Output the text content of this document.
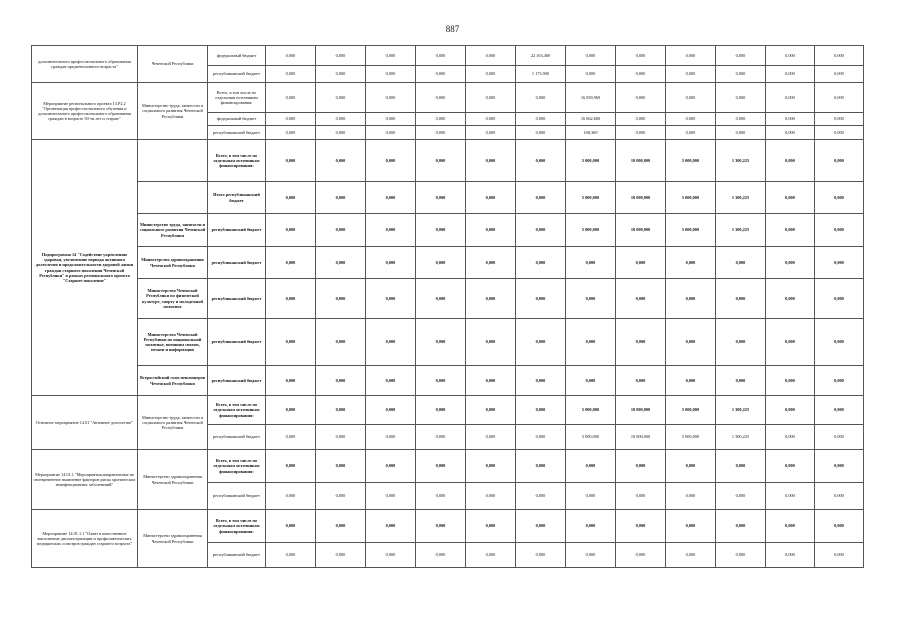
887
дополнительного профессионального образования граждан предпенсионного возраста"	Чеченской Республики	федеральный бюджет	0,000	0,000	0,000	0,000	0,000	22 163,400	0,000	0,000	0,000	0,000	0,000	0,000
		республиканский бюджет	0,000	0,000	0,000	0,000	0,000	1 173,900	0,000	0,000	0,000	0,000	0,000	0,000
Мероприятие регионального проекта 13.P2.2 "Организация профессионального обучения и дополнительного профессионального образования граждан в возрасте 50-ти лет и старше"	Министерство труда, занятости и социального развития Чеченской Республики	Всего, в том числе по отдельным источникам финансирования:	0,000	0,000	0,000	0,000	0,000	0,000	16 839,969	0,000	0,000	0,000	0,000	0,000
		федеральный бюджет	0,000	0,000	0,000	0,000	0,000	0,000	16 662,600	0,000	0,000	0,000	0,000	0,000
		республиканский бюджет	0,000	0,000	0,000	0,000	0,000	0,000	168,369	0,000	0,000	0,000	0,000	0,000
Подпрограмма 14 "Содействие укреплению здоровья, увеличению периода активного долголетия и продолжительности здоровой жизни граждан старшего поколения Чеченской Республики" в рамках регионального проекта "Старшее поколение"		Всего, в том числе по отдельным источникам финансирования:	0,000	0,000	0,000	0,000	0,000	0,000	5 000,000	10 000,000	5 000,000	1 300,225	0,000	0,000
		Итого республиканский бюджет	0,000	0,000	0,000	0,000	0,000	0,000	5 000,000	10 000,000	5 000,000	1 300,225	0,000	0,000
	Министерство труда, занятости и социального развития Чеченской Республики	республиканский бюджет	0,000	0,000	0,000	0,000	0,000	0,000	5 000,000	10 000,000	5 000,000	1 300,225	0,000	0,000
	Министерство здравоохранения Чеченской Республики	республиканский бюджет	0,000	0,000	0,000	0,000	0,000	0,000	0,000	0,000	0,000	0,000	0,000	0,000
	Министерство Чеченской Республики по физической культуре, спорту и молодежной политике	республиканский бюджет	0,000	0,000	0,000	0,000	0,000	0,000	0,000	0,000	0,000	0,000	0,000	0,000
	Министерство Чеченской Республики по национальной политике, внешним связям, печати и информации	республиканский бюджет	0,000	0,000	0,000	0,000	0,000	0,000	0,000	0,000	0,000	0,000	0,000	0,000
	Всероссийский союз пенсионеров Чеченской Республики	республиканский бюджет	0,000	0,000	0,000	0,000	0,000	0,000	0,000	0,000	0,000	0,000	0,000	0,000
Основное мероприятие 14.01 "Активное долголетие"	Министерство труда, занятости и социального развития Чеченской Республики	Всего, в том числе по отдельным источникам финансирования:	0,000	0,000	0,000	0,000	0,000	0,000	5 000,000	10 000,000	5 000,000	1 300,225	0,000	0,000
		республиканский бюджет	0,000	0,000	0,000	0,000	0,000	0,000	5 000,000	10 000,000	5 000,000	1 300,225	0,000	0,000
Мероприятие 14.01.1 "Мероприятия,направленные на своевременное выявление факторов риска хронических неинфекционных заболеваний"	Министерство здравоохранения Чеченской Республики	Всего, в том числе по отдельным источникам финансирования:	0,000	0,000	0,000	0,000	0,000	0,000	0,000	0,000	0,000	0,000	0,000	0,000
		республиканский бюджет	0,000	0,000	0,000	0,000	0,000	0,000	0,000	0,000	0,000	0,000	0,000	0,000
Мероприятие 14.01.1.1 "Охват в качественное выполнение диспансеризации и профилактических медицинских осмотров граждан старшего возраста"	Министерство здравоохранения Чеченской Республики	Всего, в том числе по отдельным источникам финансирования:	0,000	0,000	0,000	0,000	0,000	0,000	0,000	0,000	0,000	0,000	0,000	0,000
		республиканский бюджет	0,000	0,000	0,000	0,000	0,000	0,000	0,000	0,000	0,000	0,000	0,000	0,000
